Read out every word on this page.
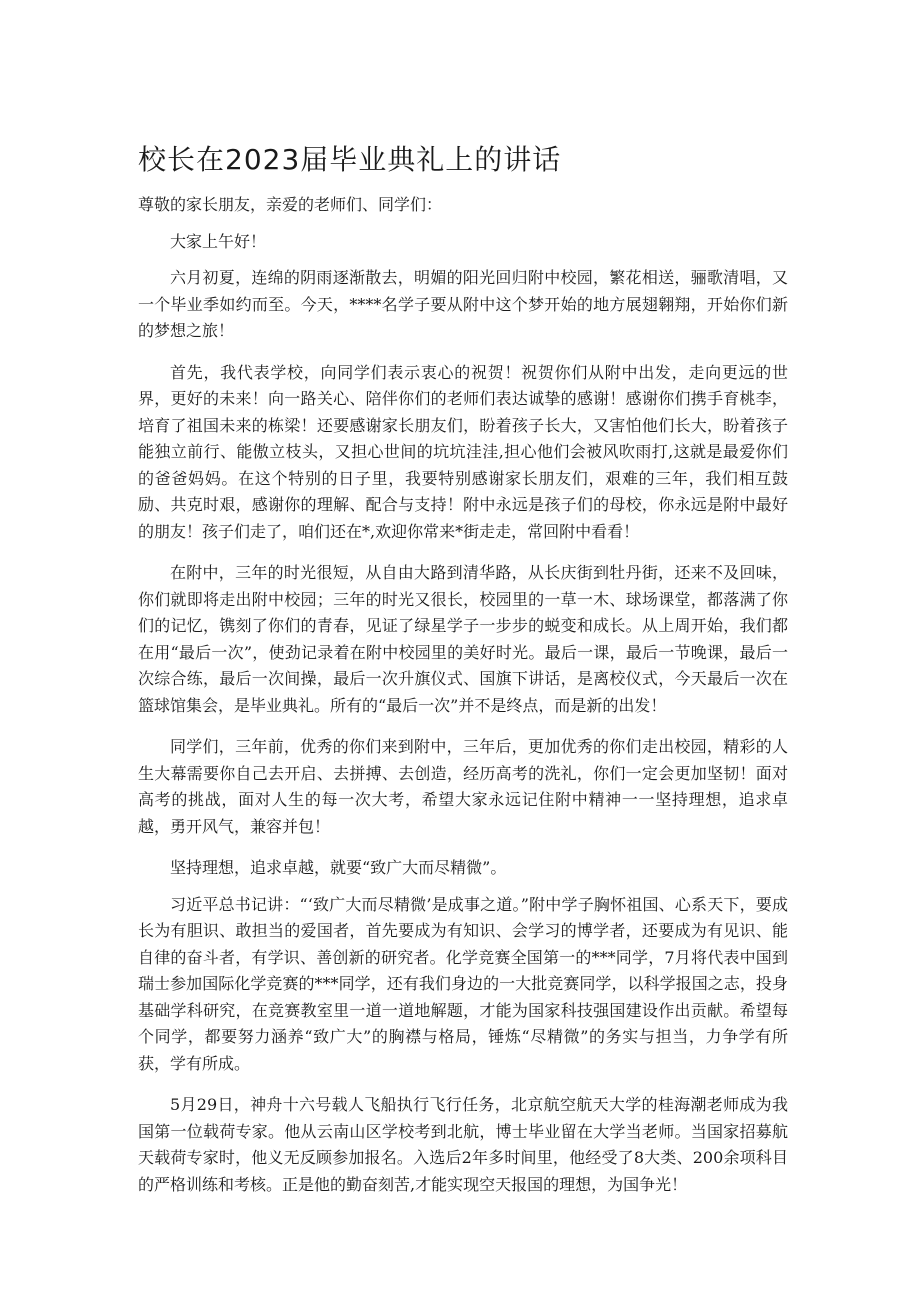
校长在2023届毕业典礼上的讲话

尊敬的家长朋友，亲爱的老师们、同学们：

大家上午好！

六月初夏，连绵的阴雨逐渐散去，明媚的阳光回归附中校园，繁花相送，骊歌清唱，又一个毕业季如约而至。今天，****名学子要从附中这个梦开始的地方展翅翱翔，开始你们新的梦想之旅！

首先，我代表学校，向同学们表示衷心的祝贺！祝贺你们从附中出发，走向更远的世界，更好的未来！向一路关心、陪伴你们的老师们表达诚挚的感谢！感谢你们携手育桃李，培育了祖国未来的栋梁！还要感谢家长朋友们，盼着孩子长大，又害怕他们长大，盼着孩子能独立前行、能傲立枝头，又担心世间的坑坑洼洼,担心他们会被风吹雨打,这就是最爱你们的爸爸妈妈。在这个特别的日子里，我要特别感谢家长朋友们，艰难的三年，我们相互鼓励、共克时艰，感谢你的理解、配合与支持！附中永远是孩子们的母校，你永远是附中最好的朋友！孩子们走了，咱们还在*,欢迎你常来*街走走，常回附中看看！

在附中，三年的时光很短，从自由大路到清华路，从长庆街到牡丹街，还来不及回味，你们就即将走出附中校园；三年的时光又很长，校园里的一草一木、球场课堂，都落满了你们的记忆，镌刻了你们的青春，见证了绿星学子一步步的蜕变和成长。从上周开始，我们都在用“最后一次”，使劲记录着在附中校园里的美好时光。最后一课，最后一节晚课，最后一次综合练，最后一次间操，最后一次升旗仪式、国旗下讲话，是离校仪式，今天最后一次在篮球馆集会，是毕业典礼。所有的“最后一次”并不是终点，而是新的出发！

同学们，三年前，优秀的你们来到附中，三年后，更加优秀的你们走出校园，精彩的人生大幕需要你自己去开启、去拼搏、去创造，经历高考的洗礼，你们一定会更加坚韧！面对高考的挑战，面对人生的每一次大考，希望大家永远记住附中精神一一坚持理想，追求卓越，勇开风气，兼容并包！

坚持理想，追求卓越，就要“致广大而尽精微”。

习近平总书记讲：“‘致广大而尽精微’是成事之道。”附中学子胸怀祖国、心系天下，要成长为有胆识、敢担当的爱国者，首先要成为有知识、会学习的博学者，还要成为有见识、能自律的奋斗者，有学识、善创新的研究者。化学竞赛全国第一的***同学，7月将代表中国到瑞士参加国际化学竞赛的***同学，还有我们身边的一大批竞赛同学，以科学报国之志，投身基础学科研究，在竞赛教室里一道一道地解题，才能为国家科技强国建设作出贡献。希望每个同学，都要努力涵养“致广大”的胸襟与格局，锤炼“尽精微”的务实与担当，力争学有所获，学有所成。

5月29日，神舟十六号载人飞船执行飞行任务，北京航空航天大学的桂海潮老师成为我国第一位载荷专家。他从云南山区学校考到北航，博士毕业留在大学当老师。当国家招募航天载荷专家时，他义无反顾参加报名。入选后2年多时间里，他经受了8大类、200余项科目的严格训练和考核。正是他的勤奋刻苦,才能实现空天报国的理想，为国争光！
